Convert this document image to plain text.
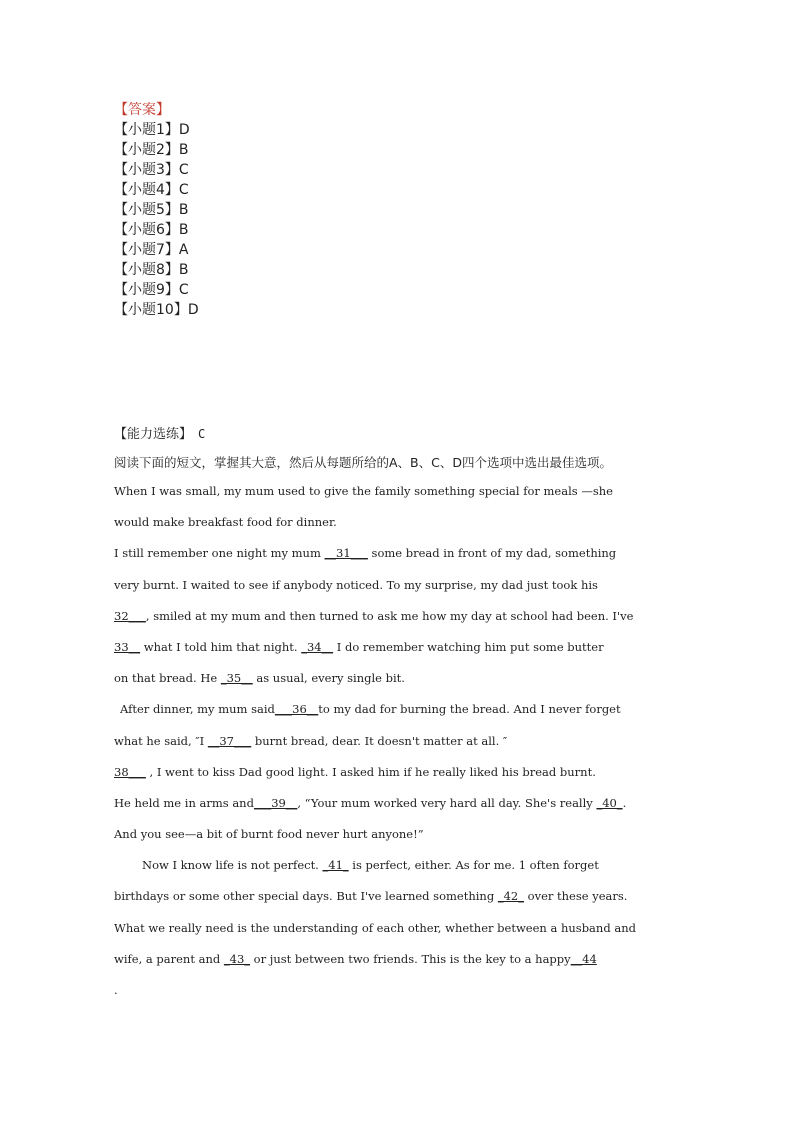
【答案】
【小题1】D
【小题2】B
【小题3】C
【小题4】C
【小题5】B
【小题6】B
【小题7】A
【小题8】B
【小题9】C
【小题10】D
【能力选练】 C
阅读下面的短文，掌握其大意，然后从每题所给的A、B、C、D四个选项中选出最佳选项。
When I was small, my mum used to give the family something special for meals —she
would make breakfast food for dinner.
I still remember one night my mum __31___ some bread in front of my dad, something
very burnt. I waited to see if anybody noticed. To my surprise, my dad just took his
32___ , smiled at my mum and then turned to ask me how my day at school had been. I've
33__ what I told him that night. _34__ I do remember watching him put some butter
on that bread. He _35__ as usual, every single bit.
After dinner, my mum said ___36__ to my dad for burning the bread. And I never forget
what he said, ″I __37___ burnt bread, dear. It doesn't matter at all. ″
38___ , I went to kiss Dad good light. I asked him if he really liked his bread burnt.
He held me in arms and ___39__ , “Your mum worked very hard all day. She's really _40_ .
And you see—a bit of burnt food never hurt anyone!”
Now I know life is not perfect. _41_ is perfect, either. As for me. 1 often forget
birthdays or some other special days. But I've learned something _42_ over these years.
What we really need is the understanding of each other, whether between a husband and
wife, a parent and _43_ or just between two friends. This is the key to a happy __44
.
